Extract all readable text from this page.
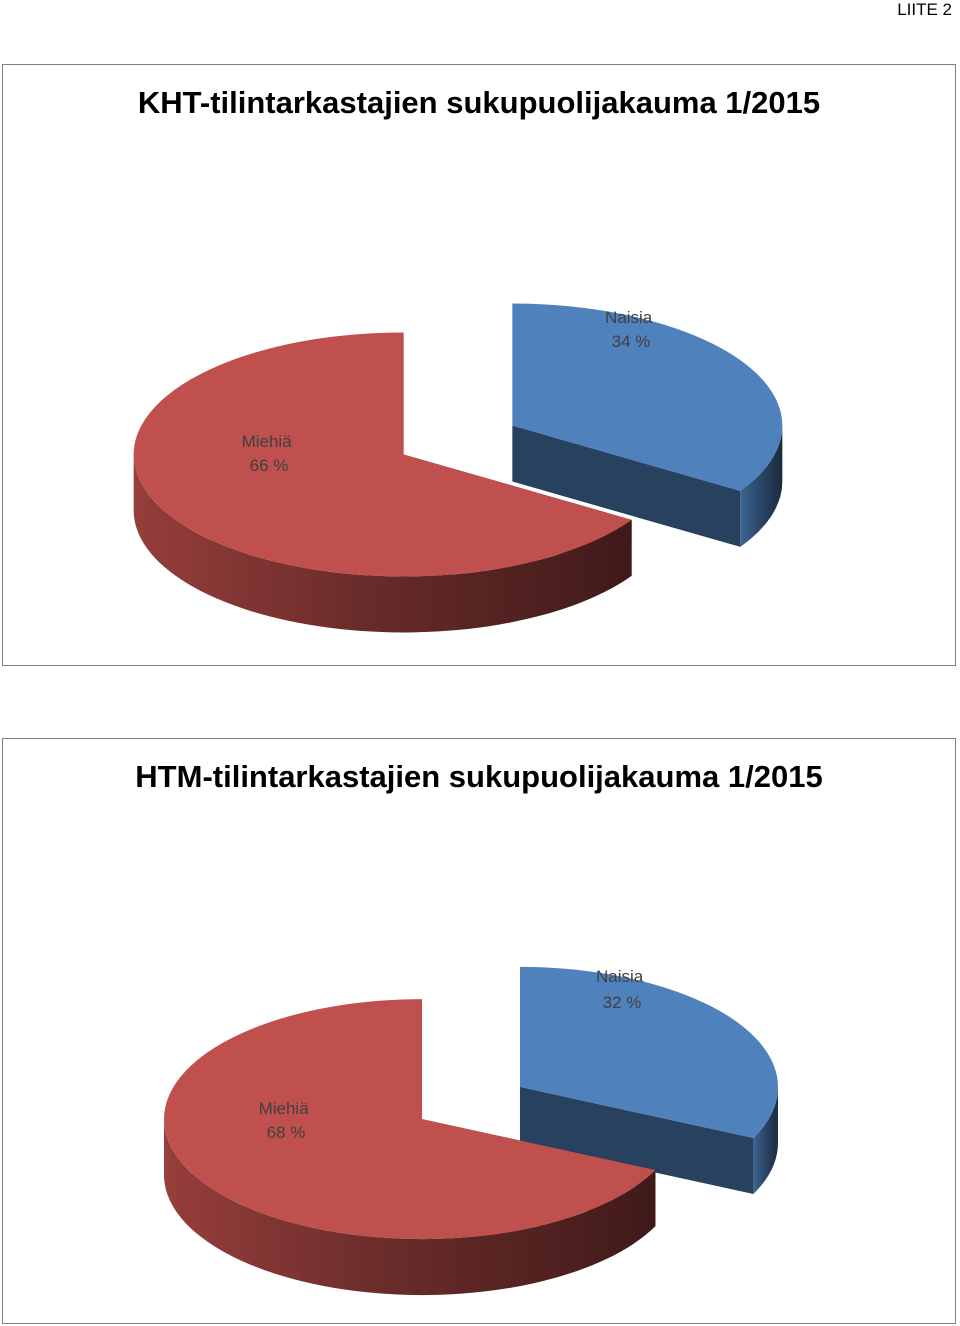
LIITE 2
KHT-tilintarkastajien sukupuolijakauma 1/2015
Naisia 34 %
Miehiä 66 %
HTM-tilintarkastajien sukupuolijakauma 1/2015
Naisia 32 %
Miehiä 68 %
